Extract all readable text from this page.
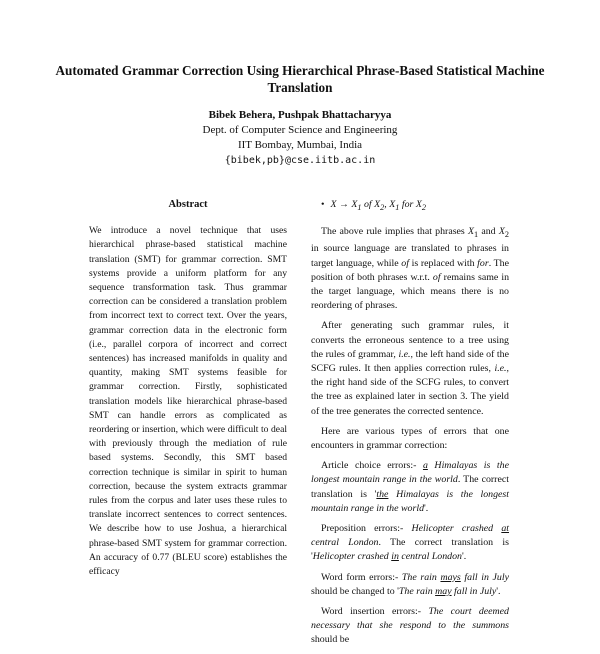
Automated Grammar Correction Using Hierarchical Phrase-Based Statistical Machine Translation
Bibek Behera, Pushpak Bhattacharyya
Dept. of Computer Science and Engineering
IIT Bombay, Mumbai, India
{bibek,pb}@cse.iitb.ac.in
Abstract
We introduce a novel technique that uses hierarchical phrase-based statistical machine translation (SMT) for grammar correction. SMT systems provide a uniform platform for any sequence transformation task. Thus grammar correction can be considered a translation problem from incorrect text to correct text. Over the years, grammar correction data in the electronic form (i.e., parallel corpora of incorrect and correct sentences) has increased manifolds in quality and quantity, making SMT systems feasible for grammar correction. Firstly, sophisticated translation models like hierarchical phrase-based SMT can handle errors as complicated as reordering or insertion, which were difficult to deal with previously through the mediation of rule based systems. Secondly, this SMT based correction technique is similar in spirit to human correction, because the system extracts grammar rules from the corpus and later uses these rules to translate incorrect sentences to correct sentences. We describe how to use Joshua, a hierarchical phrase-based SMT system for grammar correction. An accuracy of 0.77 (BLEU score) establishes the efficacy
• $X \to X_1$ of $X_2$, $X_1$ for $X_2$

The above rule implies that phrases $X_1$ and $X_2$ in source language are translated to phrases in target language, while of is replaced with for. The position of both phrases w.r.t. of remains same in the target language, which means there is no reordering of phrases.

After generating such grammar rules, it converts the erroneous sentence to a tree using the rules of grammar, i.e., the left hand side of the SCFG rules. It then applies correction rules, i.e., the right hand side of the SCFG rules, to convert the tree as explained later in section 3. The yield of the tree generates the corrected sentence.

Here are various types of errors that one encounters in grammar correction:

Article choice errors:- a Himalayas is the longest mountain range in the world. The correct translation is 'the Himalayas is the longest mountain range in the world'.

Preposition errors:- Helicopter crashed at central London. The correct translation is 'Helicopter crashed in central London'.

Word form errors:- The rain mays fall in July should be changed to 'The rain may fall in July'.

Word insertion errors:- The court deemed necessary that she respond to the summons should be
